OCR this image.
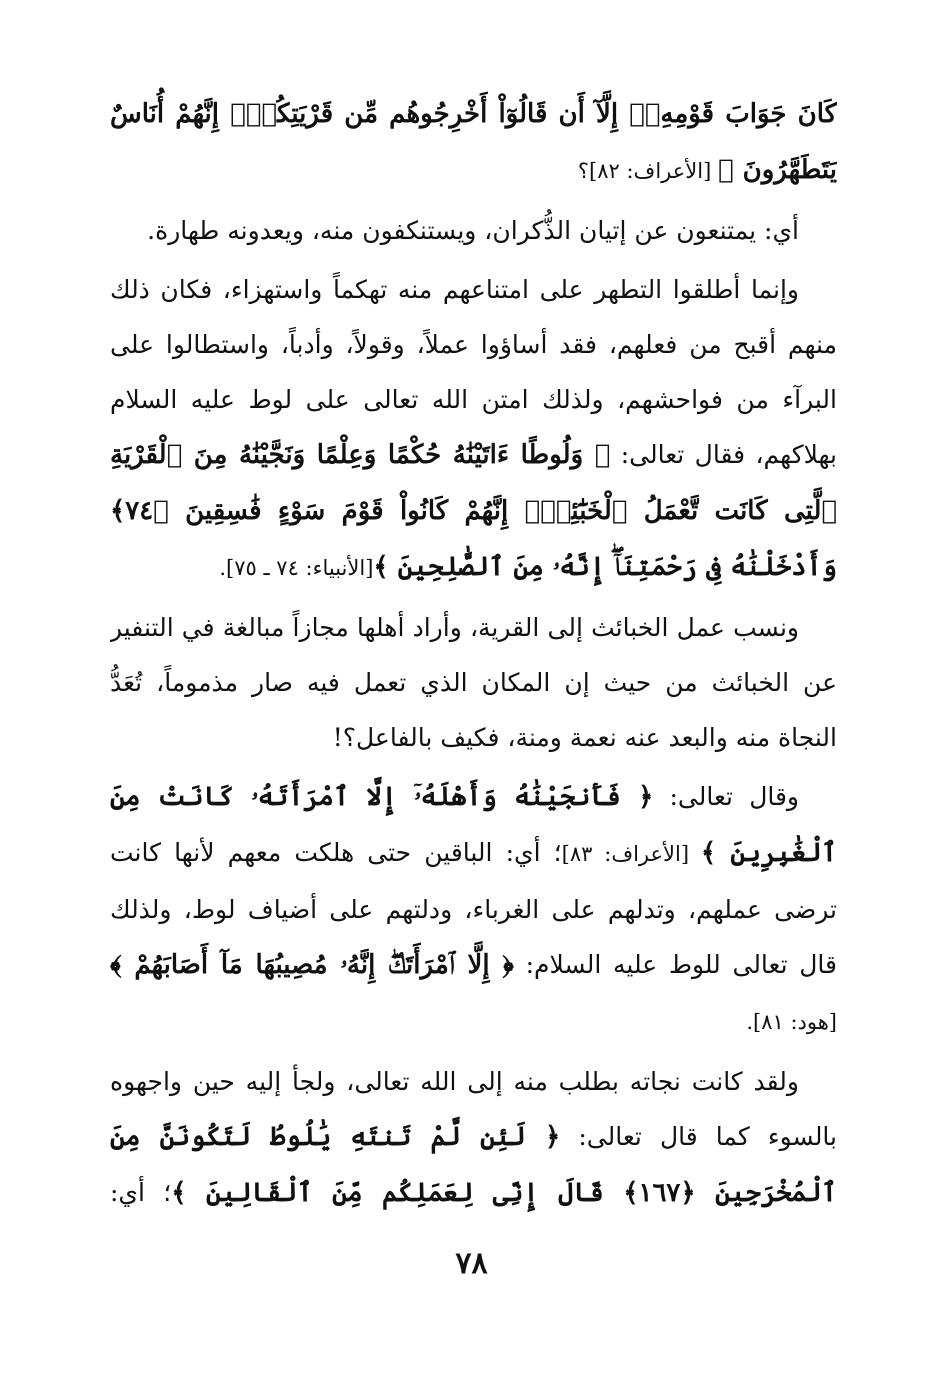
كَانَ جَوَابَ قَوْمِهِۦٓ إِلَّآ أَن قَالُوٓاْ أَخْرِجُوهُم مِّن قَرْيَتِكُمْۖ إِنَّهُمْ أُنَاسٌ يَتَطَهَّرُونَ ﴾ [الأعراف: ٨٢]؟

أي: يمتنعون عن إتيان الذُّكران، ويستنكفون منه، ويعدونه طهارة.

وإنما أطلقوا التطهر على امتناعهم منه تهكماً واستهزاء، فكان ذلك منهم أقبح من فعلهم، فقد أساؤوا عملاً، وقولاً، وأدباً، واستطالوا على البرآء من فواحشهم، ولذلك امتن الله تعالى على لوط عليه السلام بهلاكهم، فقال تعالى: ﴿ وَلُوطًا ءَاتَيْنَٰهُ حُكْمًا وَعِلْمًا وَنَجَّيْنَٰهُ مِنَ ٱلْقَرْيَةِ ٱلَّتِى كَانَت تَّعْمَلُ ٱلْخَبَٰٓئِثَۗ إِنَّهُمْ كَانُواْ قَوْمَ سَوْءٍ فَٰسِقِينَ ﴿٧٤﴾ وَأَدْخَلْنَٰهُ فِى رَحْمَتِنَآۖ إِنَّهُۥ مِنَ ٱلصَّٰلِحِينَ ﴾[الأنبياء: ٧٤ ـ ٧٥].

ونسب عمل الخبائث إلى القرية، وأراد أهلها مجازاً مبالغة في التنفير عن الخبائث من حيث إن المكان الذي تعمل فيه صار مذموماً، تُعَدُّ النجاة منه والبعد عنه نعمة ومنة، فكيف بالفاعل؟!

وقال تعالى: ﴿ فَأَنجَيْنَٰهُ وَأَهْلَهُۥٓ إِلَّا ٱمْرَأَتَهُۥ كَانَتْ مِنَ ٱلْغَٰبِرِينَ ﴾ [الأعراف: ٨٣]؛ أي: الباقين حتى هلكت معهم لأنها كانت ترضى عملهم، وتدلهم على الغرباء، ودلتهم على أضياف لوط، ولذلك قال تعالى للوط عليه السلام: ﴿ إِلَّا ٱمْرَأَتَكَۖ إِنَّهُۥ مُصِيبُهَا مَآ أَصَابَهُمْ ﴾[هود: ٨١].

ولقد كانت نجاته بطلب منه إلى الله تعالى، ولجأ إليه حين واجهوه بالسوء كما قال تعالى: ﴿ لَئِن لَّمْ تَنتَهِ يَٰلُوطُ لَتَكُونَنَّ مِنَ ٱلْمُخْرَجِينَ ﴿١٦٧﴾ قَالَ إِنِّى لِعَمَلِكُم مِّنَ ٱلْقَالِينَ ﴾؛ أي:

٧٨
